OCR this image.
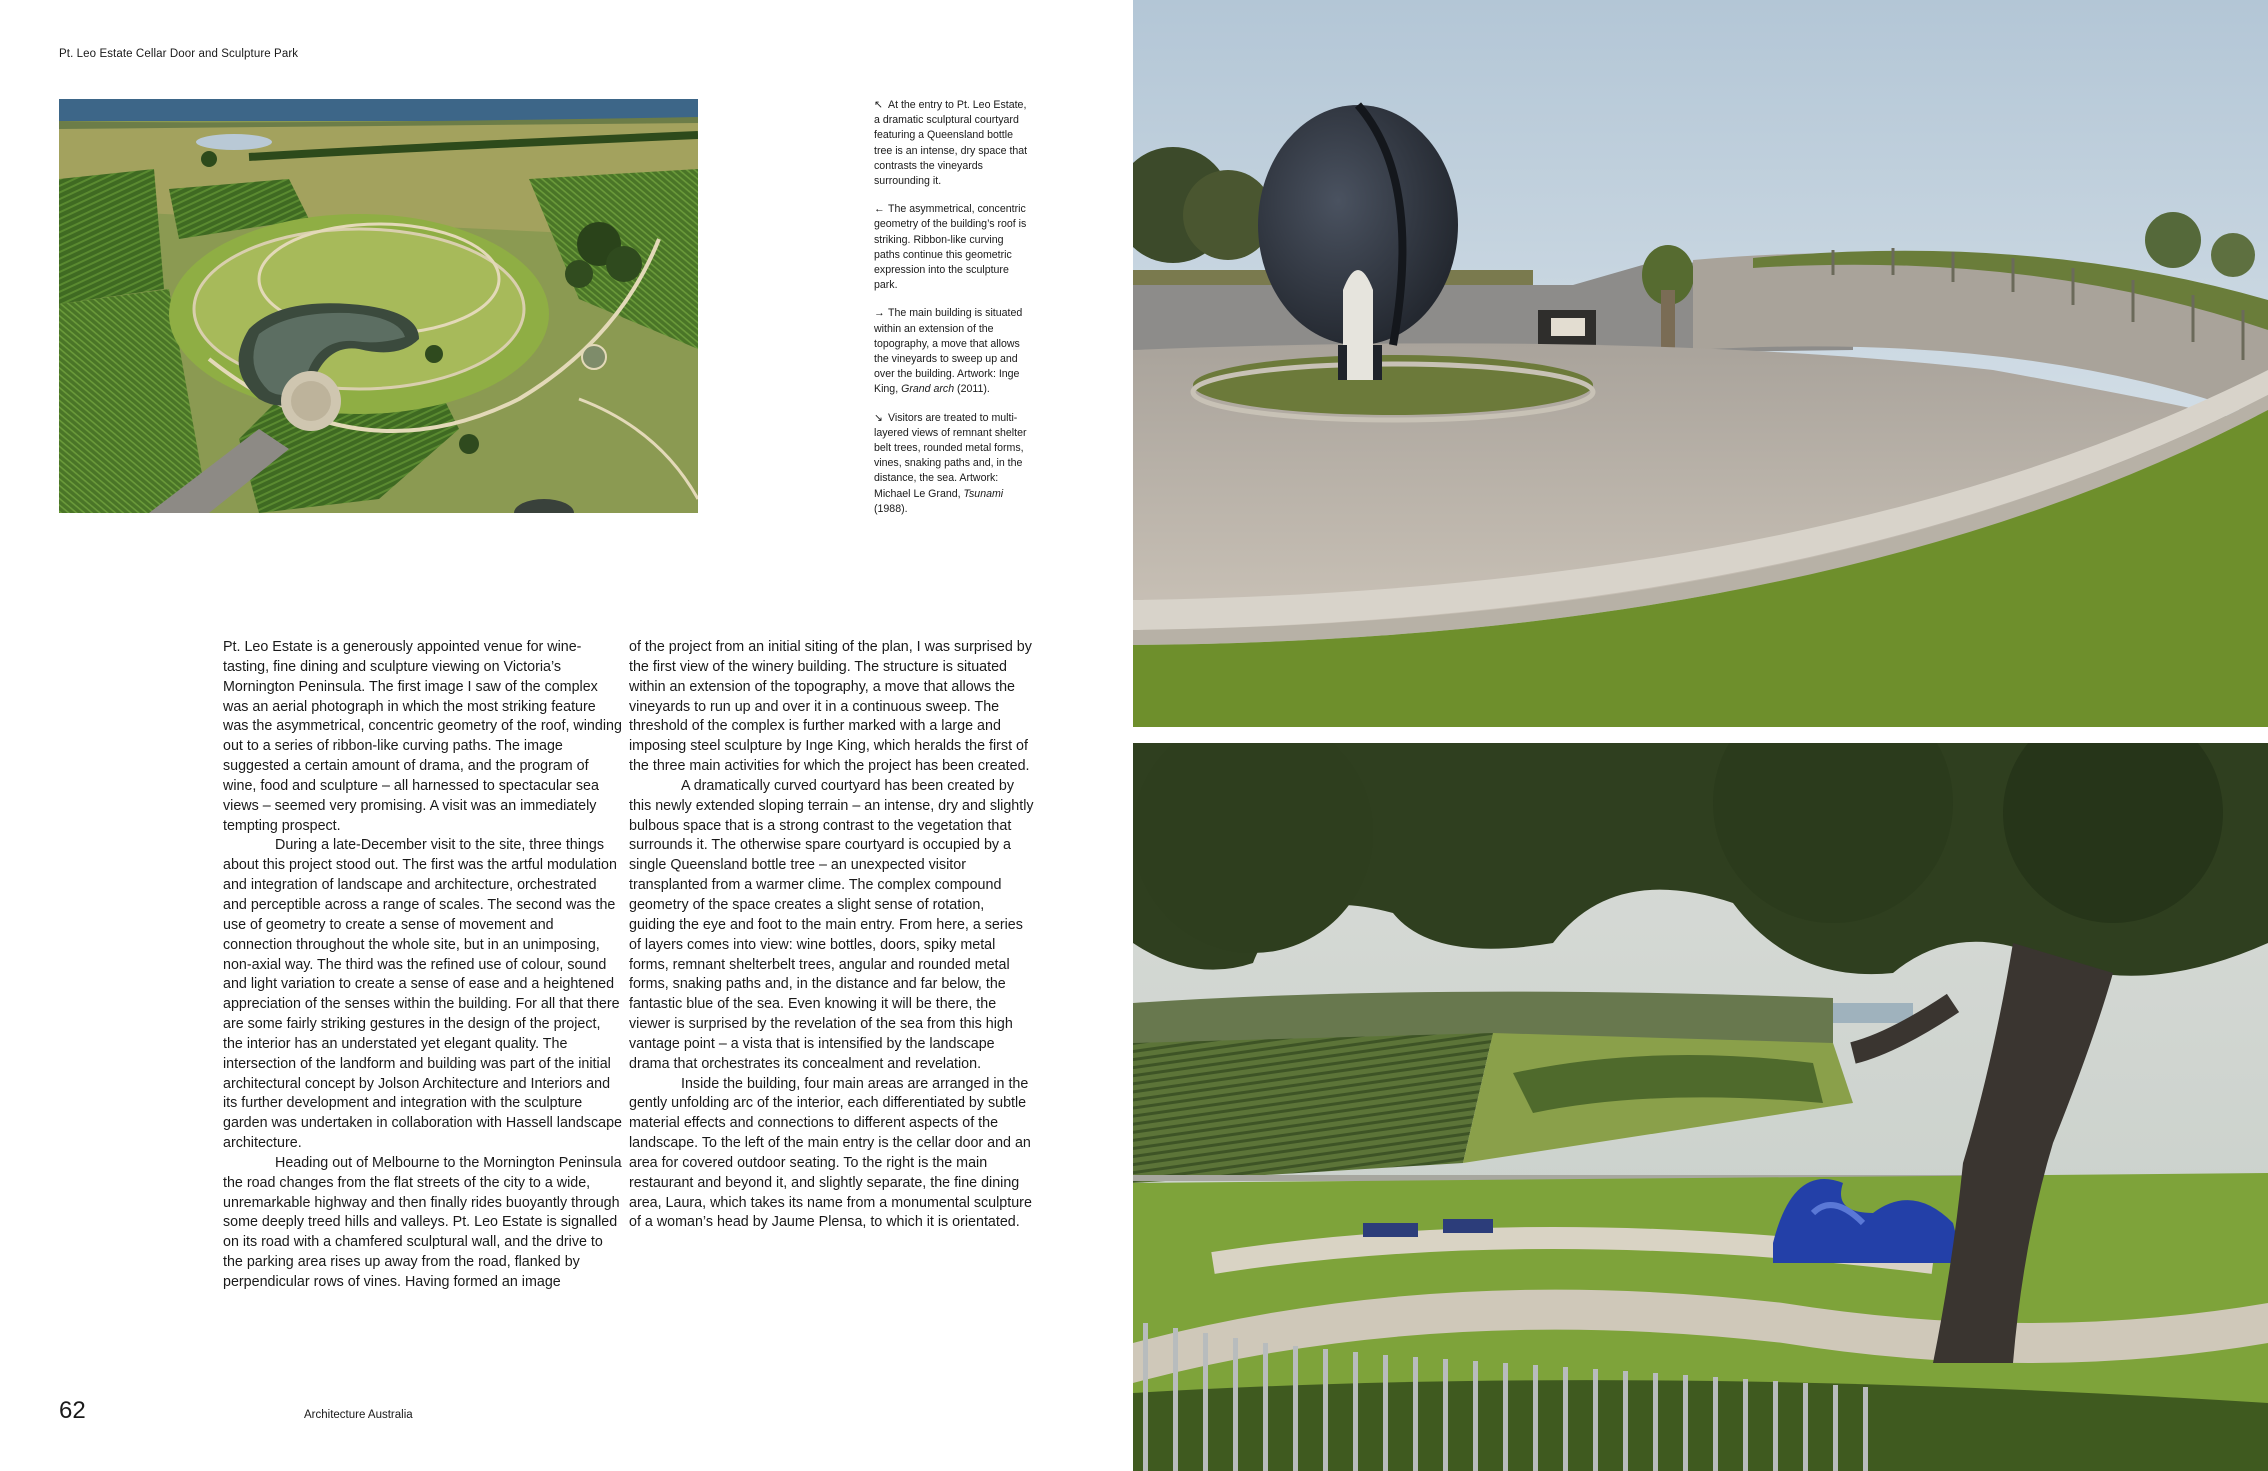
Pt. Leo Estate Cellar Door and Sculpture Park

↖ At the entry to Pt. Leo Estate, a dramatic sculptural courtyard featuring a Queensland bottle tree is an intense, dry space that contrasts the vineyards surrounding it.

← The asymmetrical, concentric geometry of the building’s roof is striking. Ribbon-like curving paths continue this geometric expression into the sculpture park.

→ The main building is situated within an extension of the topography, a move that allows the vineyards to sweep up and over the building. Artwork: Inge King, Grand arch (2011).

↘ Visitors are treated to multi-layered views of remnant shelter belt trees, rounded metal forms, vines, snaking paths and, in the distance, the sea. Artwork: Michael Le Grand, Tsunami (1988).

Pt. Leo Estate is a generously appointed venue for wine-tasting, fine dining and sculpture viewing on Victoria’s Mornington Peninsula. The first image I saw of the complex was an aerial photograph in which the most striking feature was the asymmetrical, concentric geometry of the roof, winding out to a series of ribbon-like curving paths. The image suggested a certain amount of drama, and the program of wine, food and sculpture – all harnessed to spectacular sea views – seemed very promising. A visit was an immediately tempting prospect.

During a late-December visit to the site, three things about this project stood out. The first was the artful modulation and integration of landscape and architecture, orchestrated and perceptible across a range of scales. The second was the use of geometry to create a sense of movement and connection throughout the whole site, but in an unimposing, non-axial way. The third was the refined use of colour, sound and light variation to create a sense of ease and a heightened appreciation of the senses within the building. For all that there are some fairly striking gestures in the design of the project, the interior has an understated yet elegant quality. The intersection of the landform and building was part of the initial architectural concept by Jolson Architecture and Interiors and its further development and integration with the sculpture garden was undertaken in collaboration with Hassell landscape architecture.

Heading out of Melbourne to the Mornington Peninsula the road changes from the flat streets of the city to a wide, unremarkable highway and then finally rides buoyantly through some deeply treed hills and valleys. Pt. Leo Estate is signalled on its road with a chamfered sculptural wall, and the drive to the parking area rises up away from the road, flanked by perpendicular rows of vines. Having formed an image

of the project from an initial siting of the plan, I was surprised by the first view of the winery building. The structure is situated within an extension of the topography, a move that allows the vineyards to run up and over it in a continuous sweep. The threshold of the complex is further marked with a large and imposing steel sculpture by Inge King, which heralds the first of the three main activities for which the project has been created.

A dramatically curved courtyard has been created by this newly extended sloping terrain – an intense, dry and slightly bulbous space that is a strong contrast to the vegetation that surrounds it. The otherwise spare courtyard is occupied by a single Queensland bottle tree – an unexpected visitor transplanted from a warmer clime. The complex compound geometry of the space creates a slight sense of rotation, guiding the eye and foot to the main entry. From here, a series of layers comes into view: wine bottles, doors, spiky metal forms, remnant shelterbelt trees, angular and rounded metal forms, snaking paths and, in the distance and far below, the fantastic blue of the sea. Even knowing it will be there, the viewer is surprised by the revelation of the sea from this high vantage point – a vista that is intensified by the landscape drama that orchestrates its concealment and revelation.

Inside the building, four main areas are arranged in the gently unfolding arc of the interior, each differentiated by subtle material effects and connections to different aspects of the landscape. To the left of the main entry is the cellar door and an area for covered outdoor seating. To the right is the main restaurant and beyond it, and slightly separate, the fine dining area, Laura, which takes its name from a monumental sculpture of a woman’s head by Jaume Plensa, to which it is orientated.

62	Architecture Australia
